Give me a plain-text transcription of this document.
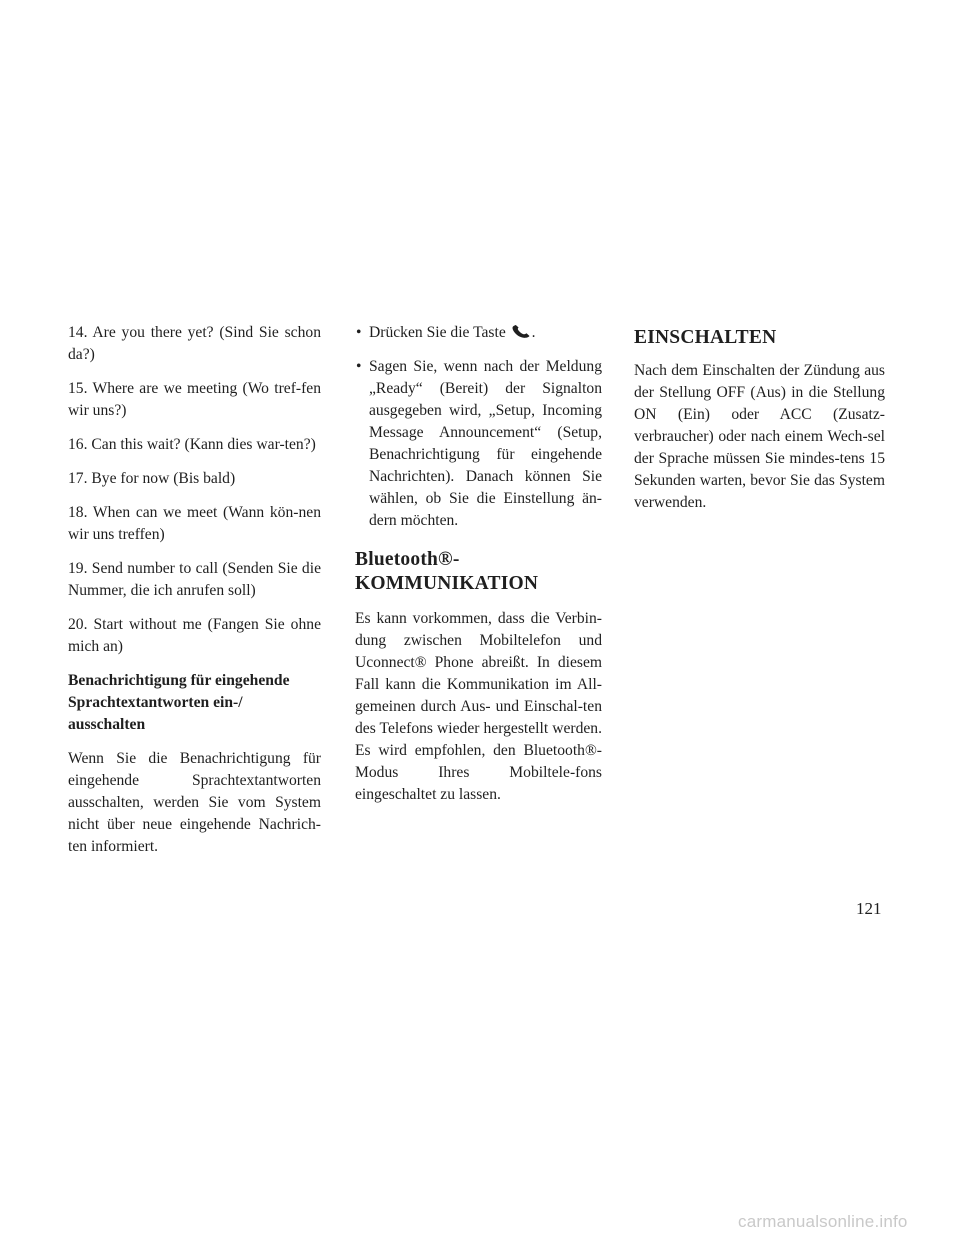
14. Are you there yet? (Sind Sie schon da?)

15. Where are we meeting (Wo tref-fen wir uns?)

16. Can this wait? (Kann dies war-ten?)

17. Bye for now (Bis bald)

18. When can we meet (Wann kön-nen wir uns treffen)

19. Send number to call (Senden Sie die Nummer, die ich anrufen soll)

20. Start without me (Fangen Sie ohne mich an)

Benachrichtigung für eingehende Sprachtextantworten ein-/ ausschalten

Wenn Sie die Benachrichtigung für eingehende Sprachtextantworten ausschalten, werden Sie vom System nicht über neue eingehende Nachrich-ten informiert.

• Drücken Sie die Taste .
• Sagen Sie, wenn nach der Meldung „Ready“ (Bereit) der Signalton ausgegeben wird, „Setup, Incoming Message Announcement“ (Setup, Benachrichtigung für eingehende Nachrichten). Danach können Sie wählen, ob Sie die Einstellung än-dern möchten.
Bluetooth®-
KOMMUNIKATION

Es kann vorkommen, dass die Verbin-dung zwischen Mobiltelefon und Uconnect® Phone abreißt. In diesem Fall kann die Kommunikation im All-gemeinen durch Aus- und Einschal-ten des Telefons wieder hergestellt werden. Es wird empfohlen, den Bluetooth®-Modus Ihres Mobiltele-fons eingeschaltet zu lassen.

EINSCHALTEN

Nach dem Einschalten der Zündung aus der Stellung OFF (Aus) in die Stellung ON (Ein) oder ACC (Zusatz-verbraucher) oder nach einem Wech-sel der Sprache müssen Sie mindes-tens 15 Sekunden warten, bevor Sie das System verwenden.

121
carmanualsonline.info
